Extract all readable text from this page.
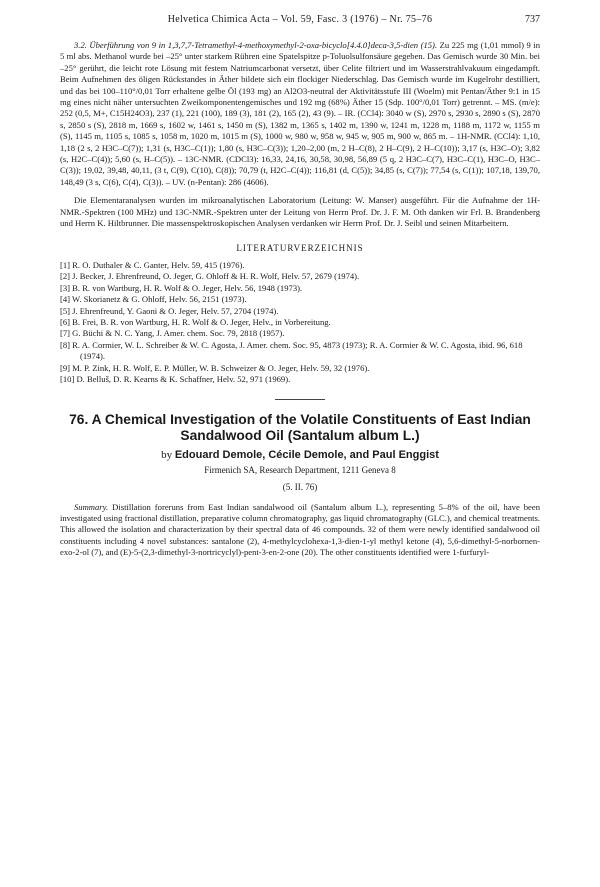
Helvetica Chimica Acta – Vol. 59, Fasc. 3 (1976) – Nr. 75–76	737

3.2. Überführung von 9 in 1,3,7,7-Tetramethyl-4-methoxymethyl-2-oxa-bicyclo[4.4.0]deca-3,5-dien (15). Zu 225 mg (1,01 mmol) 9 in 5 ml abs. Methanol wurde bei –25° unter starkem Rühren eine Spatelspitze p-Toluolsulfonsäure gegeben. Das Gemisch wurde 30 Min. bei –25° gerührt, die leicht rote Lösung mit festem Natriumcarbonat versetzt, über Celite filtriert und im Wasserstrahlvakuum eingedampft. Beim Aufnehmen des öligen Rückstandes in Äther bildete sich ein flockiger Niederschlag. Das Gemisch wurde im Kugelrohr destilliert, und das bei 100–110°/0,01 Torr erhaltene gelbe Öl (193 mg) an Al2O3-neutral der Aktivitätsstufe III (Woelm) mit Pentan/Äther 9:1 in 15 mg eines nicht näher untersuchten Zweikomponentengemisches und 192 mg (68%) Äther 15 (Sdp. 100°/0,01 Torr) getrennt. – MS. (m/e): 252 (0,5, M+, C15H24O3), 237 (1), 221 (100), 189 (3), 181 (2), 165 (2), 43 (9). – IR. (CCl4): 3040 w (S), 2970 s, 2930 s, 2890 s (S), 2870 s, 2850 s (S), 2818 m, 1669 s, 1602 w, 1461 s, 1450 m (S), 1382 m, 1365 s, 1402 m, 1390 w, 1241 m, 1228 m, 1188 m, 1172 w, 1155 m (S), 1145 m, 1105 s, 1085 s, 1058 m, 1020 m, 1015 m (S), 1000 w, 980 w, 958 w, 945 w, 905 m, 900 w, 865 m. – 1H-NMR. (CCl4): 1,10, 1,18 (2 s, 2 H3C–C(7)); 1,31 (s, H3C–C(1)); 1,80 (s, H3C–C(3)); 1,20–2,00 (m, 2 H–C(8), 2 H–C(9), 2 H–C(10)); 3,17 (s, H3C–O); 3,82 (s, H2C–C(4)); 5,60 (s, H–C(5)). – 13C-NMR. (CDCl3): 16,33, 24,16, 30,58, 30,98, 56,89 (5 q, 2 H3C–C(7), H3C–C(1), H3C–O, H3C–C(3)); 19,02, 39,48, 40,11, (3 t, C(9), C(10), C(8)); 70,79 (t, H2C–C(4)); 116,81 (d, C(5)); 34,85 (s, C(7)); 77,54 (s, C(1)); 107,18, 139,70, 148,49 (3 s, C(6), C(4), C(3)). – UV. (n-Pentan): 286 (4606).

Die Elementaranalysen wurden im mikroanalytischen Laboratorium (Leitung: W. Manser) ausgeführt. Für die Aufnahme der 1H-NMR.-Spektren (100 MHz) und 13C-NMR.-Spektren unter der Leitung von Herrn Prof. Dr. J. F. M. Oth danken wir Frl. B. Brandenberg und Herrn K. Hiltbrunner. Die massenspektroskopischen Analysen verdanken wir Herrn Prof. Dr. J. Seibl und seinen Mitarbeitern.

LITERATURVERZEICHNIS

[1] R. O. Duthaler & C. Ganter, Helv. 59, 415 (1976).

[2] J. Becker, J. Ehrenfreund, O. Jeger, G. Ohloff & H. R. Wolf, Helv. 57, 2679 (1974).

[3] B. R. von Wartburg, H. R. Wolf & O. Jeger, Helv. 56, 1948 (1973).

[4] W. Skorianetz & G. Ohloff, Helv. 56, 2151 (1973).

[5] J. Ehrenfreund, Y. Gaoni & O. Jeger, Helv. 57, 2704 (1974).

[6] B. Frei, B. R. von Wartburg, H. R. Wolf & O. Jeger, Helv., in Vorbereitung.

[7] G. Büchi & N. C. Yang, J. Amer. chem. Soc. 79, 2818 (1957).

[8] R. A. Cormier, W. L. Schreiber & W. C. Agosta, J. Amer. chem. Soc. 95, 4873 (1973); R. A. Cormier & W. C. Agosta, ibid. 96, 618 (1974).

[9] M. P. Zink, H. R. Wolf, E. P. Müller, W. B. Schweizer & O. Jeger, Helv. 59, 32 (1976).

[10] D. Belluš, D. R. Kearns & K. Schaffner, Helv. 52, 971 (1969).

76. A Chemical Investigation of the Volatile Constituents of East Indian Sandalwood Oil (Santalum album L.)
by Edouard Demole, Cécile Demole, and Paul Enggist
Firmenich SA, Research Department, 1211 Geneva 8
(5. II. 76)

Summary. Distillation foreruns from East Indian sandalwood oil (Santalum album L.), representing 5–8% of the oil, have been investigated using fractional distillation, preparative column chromatography, gas liquid chromatography (GLC.), and chemical treatments. This allowed the isolation and characterization by their spectral data of 46 compounds. 32 of them were newly identified sandalwood oil constituents including 4 novel substances: santalone (2), 4-methylcyclohexa-1,3-dien-1-yl methyl ketone (4), 5,6-dimethyl-5-norbornen-exo-2-ol (7), and (E)-5-(2,3-dimethyl-3-nortricyclyl)-pent-3-en-2-one (20). The other constituents identified were 1-furfuryl-
